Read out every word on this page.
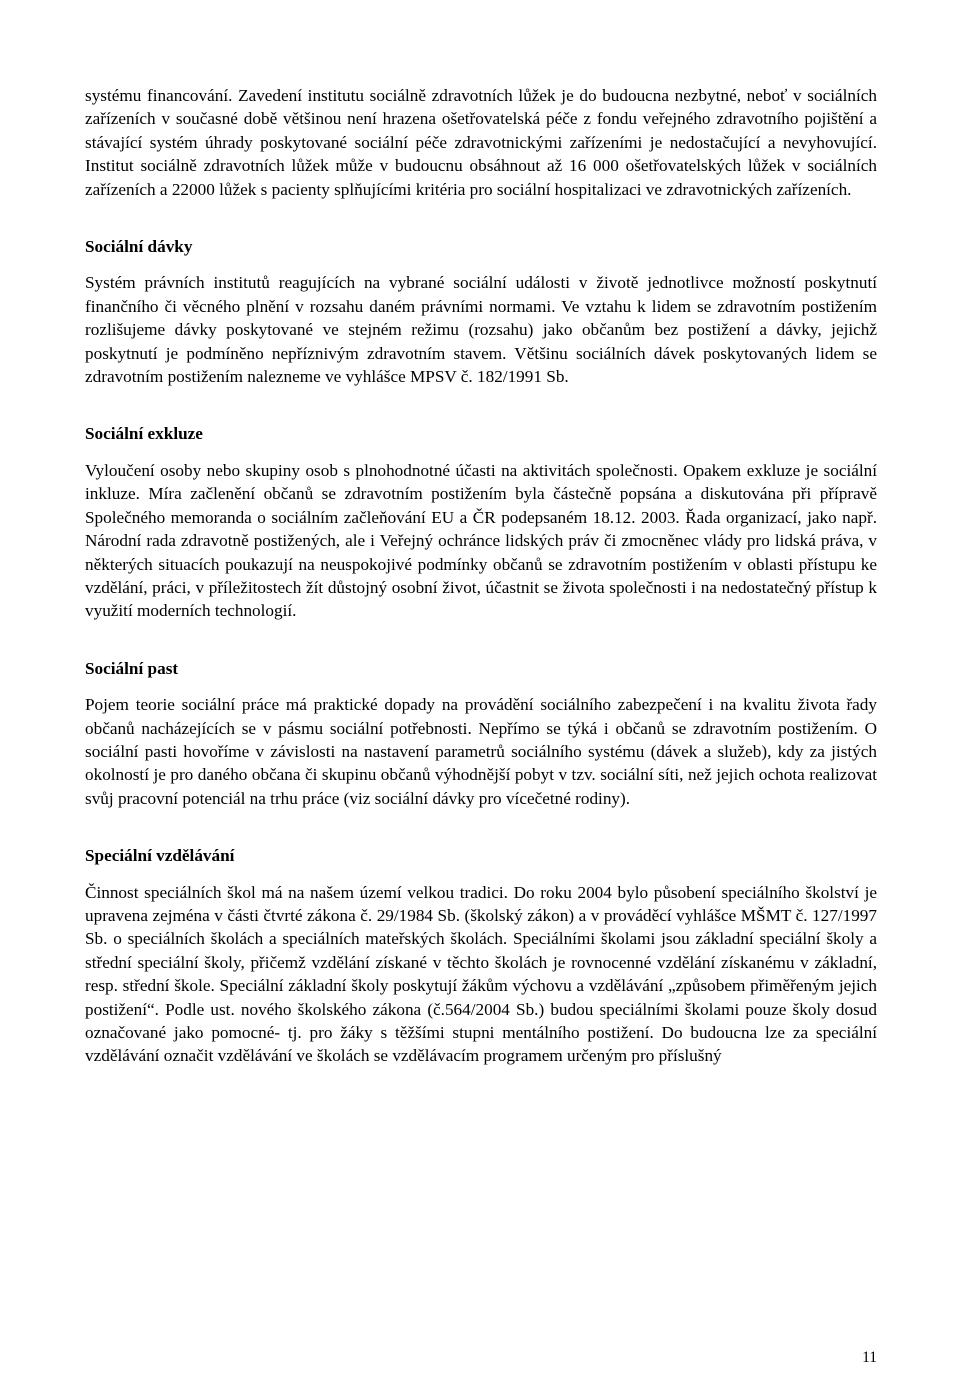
systému financování. Zavedení institutu sociálně zdravotních lůžek je do budoucna nezbytné, neboť v sociálních zařízeních v současné době většinou není hrazena ošetřovatelská péče z fondu veřejného zdravotního pojištění a stávající systém úhrady poskytované sociální péče zdravotnickými zařízeními je nedostačující a nevyhovující. Institut sociálně zdravotních lůžek může v budoucnu obsáhnout až 16 000 ošetřovatelských lůžek v sociálních zařízeních a 22000 lůžek s pacienty splňujícími kritéria pro sociální hospitalizaci ve zdravotnických zařízeních.

Sociální dávky

Systém právních institutů reagujících na vybrané sociální události v životě jednotlivce možností poskytnutí finančního či věcného plnění v rozsahu daném právními normami. Ve vztahu k lidem se zdravotním postižením rozlišujeme dávky poskytované ve stejném režimu (rozsahu) jako občanům bez postižení a dávky, jejichž poskytnutí je podmíněno nepříznivým zdravotním stavem. Většinu sociálních dávek poskytovaných lidem se zdravotním postižením nalezneme ve vyhlášce MPSV č. 182/1991 Sb.

Sociální exkluze

Vyloučení osoby nebo skupiny osob s plnohodnotné účasti na aktivitách společnosti. Opakem exkluze je sociální inkluze. Míra začlenění občanů se zdravotním postižením byla částečně popsána a diskutována při přípravě Společného memoranda o sociálním začleňování EU a ČR podepsaném 18.12. 2003. Řada organizací, jako např. Národní rada zdravotně postižených, ale i Veřejný ochránce lidských práv či zmocněnec vlády pro lidská práva, v některých situacích poukazují na neuspokojivé podmínky občanů se zdravotním postižením v oblasti přístupu ke vzdělání, práci, v příležitostech žít důstojný osobní život, účastnit se života společnosti i na nedostatečný přístup k využití moderních technologií.

Sociální past

Pojem teorie sociální práce má praktické dopady na provádění sociálního zabezpečení i na kvalitu života řady občanů nacházejících se v pásmu sociální potřebnosti. Nepřímo se týká i občanů se zdravotním postižením. O sociální pasti hovoříme v závislosti na nastavení parametrů sociálního systému (dávek a služeb), kdy za jistých okolností je pro daného občana či skupinu občanů výhodnější pobyt v tzv. sociální síti, než jejich ochota realizovat svůj pracovní potenciál na trhu práce (viz sociální dávky pro vícečetné rodiny).

Speciální vzdělávání

Činnost speciálních škol má na našem území velkou tradici. Do roku 2004 bylo působení speciálního školství je upravena zejména v části čtvrté zákona č. 29/1984 Sb. (školský zákon) a v prováděcí vyhlášce MŠMT č. 127/1997 Sb. o speciálních školách a speciálních mateřských školách. Speciálními školami jsou základní speciální školy a střední speciální školy, přičemž vzdělání získané v těchto školách je rovnocenné vzdělání získanému v základní, resp. střední škole. Speciální základní školy poskytují žákům výchovu a vzdělávání „způsobem přiměřeným jejich postižení“. Podle ust. nového školského zákona (č.564/2004 Sb.) budou speciálními školami pouze školy dosud označované jako pomocné- tj. pro žáky s těžšími stupni mentálního postižení. Do budoucna lze za speciální vzdělávání označit vzdělávání ve školách se vzdělávacím programem určeným pro příslušný

11
